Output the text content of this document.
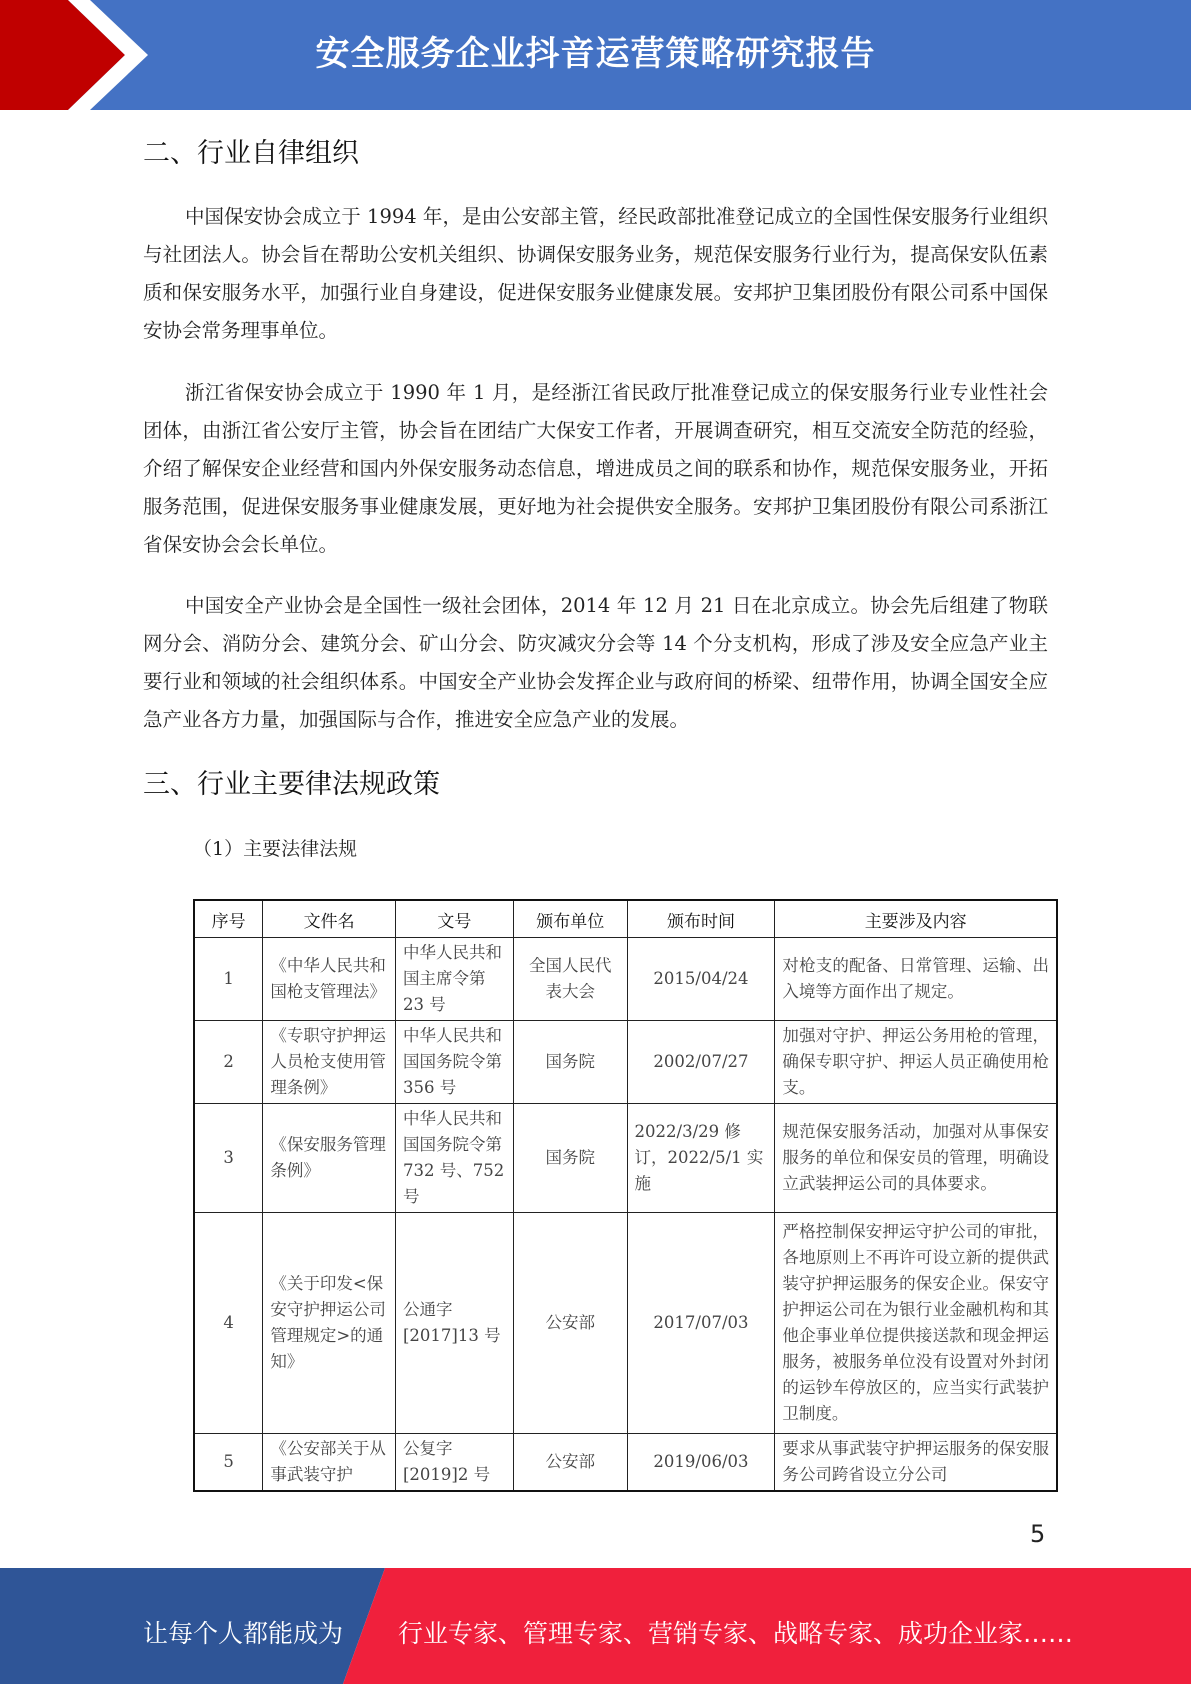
安全服务企业抖音运营策略研究报告
二、行业自律组织
中国保安协会成立于 1994 年，是由公安部主管，经民政部批准登记成立的全国性保安服务行业组织与社团法人。协会旨在帮助公安机关组织、协调保安服务业务，规范保安服务行业行为，提高保安队伍素质和保安服务水平，加强行业自身建设，促进保安服务业健康发展。安邦护卫集团股份有限公司系中国保安协会常务理事单位。
浙江省保安协会成立于 1990 年 1 月，是经浙江省民政厅批准登记成立的保安服务行业专业性社会团体，由浙江省公安厅主管，协会旨在团结广大保安工作者，开展调查研究，相互交流安全防范的经验，介绍了解保安企业经营和国内外保安服务动态信息，增进成员之间的联系和协作，规范保安服务业，开拓服务范围，促进保安服务事业健康发展，更好地为社会提供安全服务。安邦护卫集团股份有限公司系浙江省保安协会会长单位。
中国安全产业协会是全国性一级社会团体，2014 年 12 月 21 日在北京成立。协会先后组建了物联网分会、消防分会、建筑分会、矿山分会、防灾减灾分会等 14 个分支机构，形成了涉及安全应急产业主要行业和领域的社会组织体系。中国安全产业协会发挥企业与政府间的桥梁、纽带作用，协调全国安全应急产业各方力量，加强国际与合作，推进安全应急产业的发展。
三、行业主要律法规政策
（1）主要法律法规
序号	文件名	文号	颁布单位	颁布时间	主要涉及内容
1	《中华人民共和国枪支管理法》	中华人民共和国主席令第 23 号	全国人民代表大会	2015/04/24	对枪支的配备、日常管理、运输、出入境等方面作出了规定。
2	《专职守护押运人员枪支使用管理条例》	中华人民共和国国务院令第 356 号	国务院	2002/07/27	加强对守护、押运公务用枪的管理，确保专职守护、押运人员正确使用枪支。
3	《保安服务管理条例》	中华人民共和国国务院令第 732 号、752 号	国务院	2022/3/29 修订，2022/5/1 实施	规范保安服务活动，加强对从事保安服务的单位和保安员的管理，明确设立武装押运公司的具体要求。
4	《关于印发<保安守护押运公司管理规定>的通知》	公通字[2017]13 号	公安部	2017/07/03	严格控制保安押运守护公司的审批，各地原则上不再许可设立新的提供武装守护押运服务的保安企业。保安守护押运公司在为银行业金融机构和其他企事业单位提供接送款和现金押运服务，被服务单位没有设置对外封闭的运钞车停放区的，应当实行武装护卫制度。
5	《公安部关于从事武装守护	公复字[2019]2 号	公安部	2019/06/03	要求从事武装守护押运服务的保安服务公司跨省设立分公司
5
让每个人都能成为 行业专家、管理专家、营销专家、战略专家、成功企业家……
